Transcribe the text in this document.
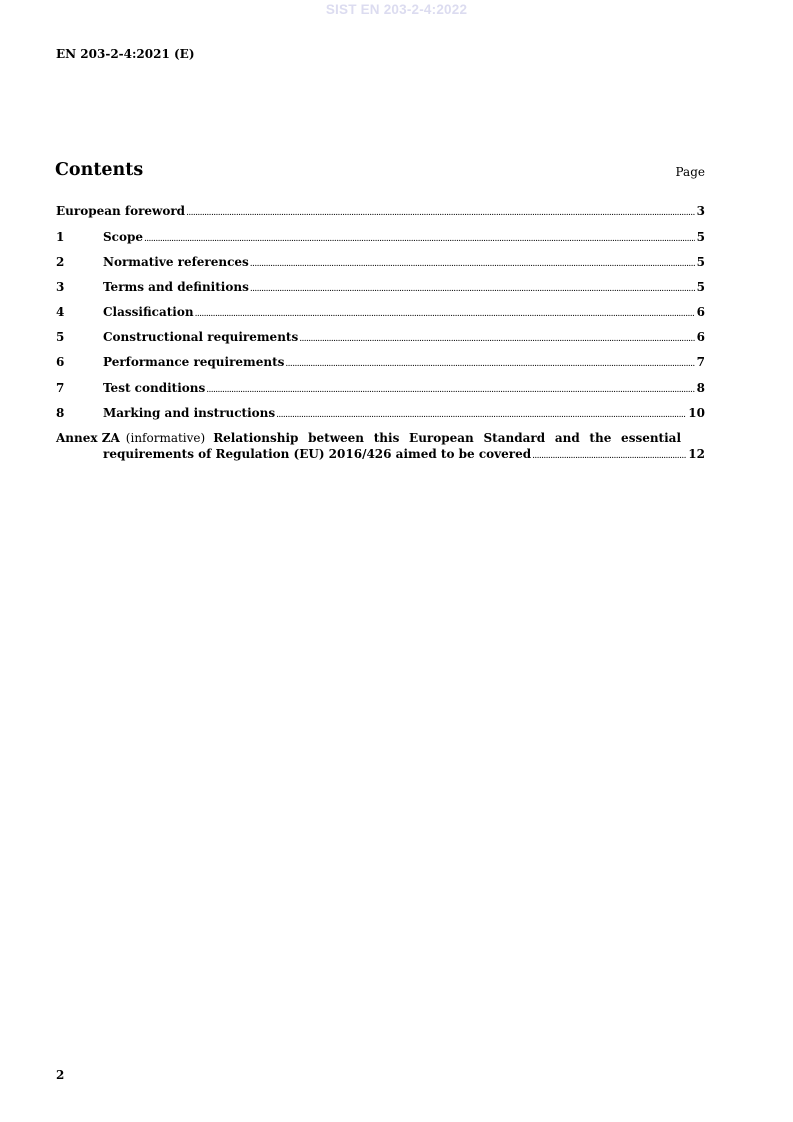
SIST EN 203-2-4:2022
EN 203-2-4:2021 (E)
Contents	Page
European foreword .....	3
1	Scope .....	5
2	Normative references .....	5
3	Terms and definitions .....	5
4	Classification .....	6
5	Constructional requirements .....	6
6	Performance requirements .....	7
7	Test conditions .....	8
8	Marking and instructions .....	10
Annex ZA (informative) Relationship between this European Standard and the essential
requirements of Regulation (EU) 2016/426 aimed to be covered .....	12
2
